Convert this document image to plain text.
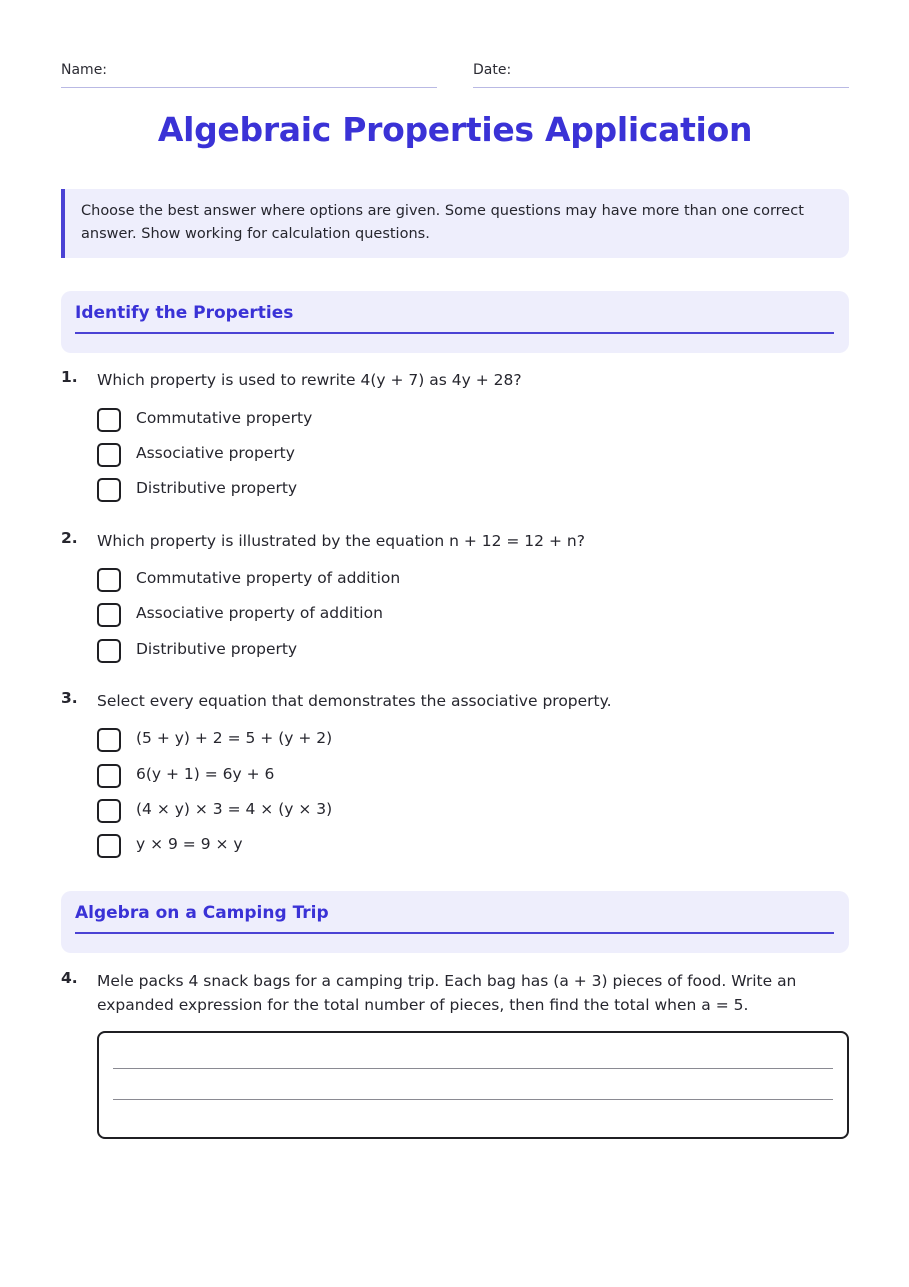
Name:	Date:
Algebraic Properties Application
Choose the best answer where options are given. Some questions may have more than one correct answer. Show working for calculation questions.
Identify the Properties
1. Which property is used to rewrite 4(y + 7) as 4y + 28?
Commutative property
Associative property
Distributive property
2. Which property is illustrated by the equation n + 12 = 12 + n?
Commutative property of addition
Associative property of addition
Distributive property
3. Select every equation that demonstrates the associative property.
(5 + y) + 2 = 5 + (y + 2)
6(y + 1) = 6y + 6
(4 × y) × 3 = 4 × (y × 3)
y × 9 = 9 × y
Algebra on a Camping Trip
4. Mele packs 4 snack bags for a camping trip. Each bag has (a + 3) pieces of food. Write an expanded expression for the total number of pieces, then find the total when a = 5.
